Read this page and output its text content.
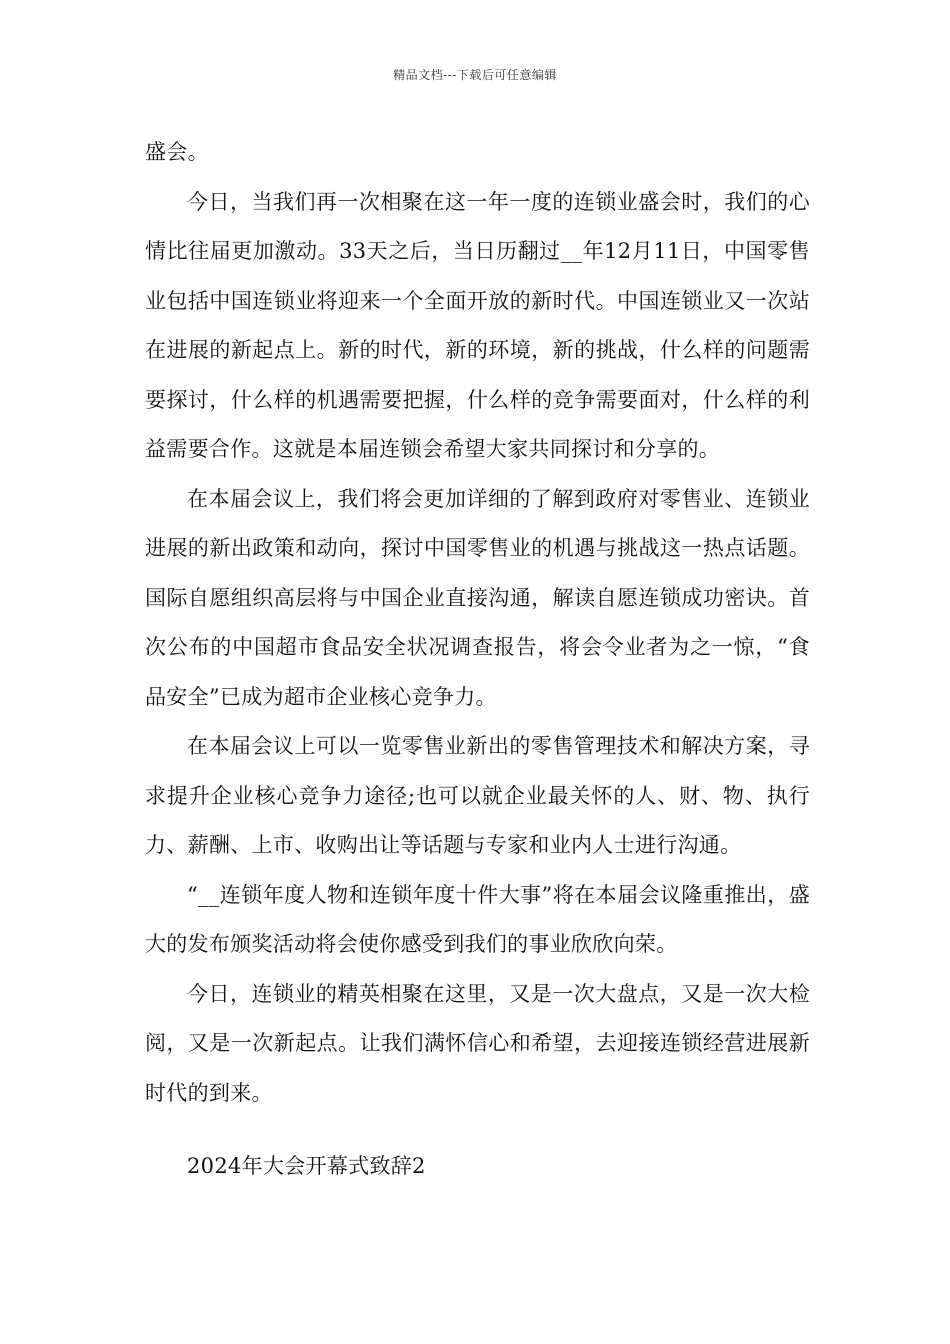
精品文档---下载后可任意编辑

盛会。

今日，当我们再一次相聚在这一年一度的连锁业盛会时，我们的心情比往届更加激动。33天之后，当日历翻过__年12月11日，中国零售业包括中国连锁业将迎来一个全面开放的新时代。中国连锁业又一次站在进展的新起点上。新的时代，新的环境，新的挑战，什么样的问题需要探讨，什么样的机遇需要把握，什么样的竞争需要面对，什么样的利益需要合作。这就是本届连锁会希望大家共同探讨和分享的。

在本届会议上，我们将会更加详细的了解到政府对零售业、连锁业进展的新出政策和动向，探讨中国零售业的机遇与挑战这一热点话题。国际自愿组织高层将与中国企业直接沟通，解读自愿连锁成功密诀。首次公布的中国超市食品安全状况调查报告，将会令业者为之一惊，“食品安全”已成为超市企业核心竞争力。

在本届会议上可以一览零售业新出的零售管理技术和解决方案，寻求提升企业核心竞争力途径;也可以就企业最关怀的人、财、物、执行力、薪酬、上市、收购出让等话题与专家和业内人士进行沟通。

“__连锁年度人物和连锁年度十件大事”将在本届会议隆重推出，盛大的发布颁奖活动将会使你感受到我们的事业欣欣向荣。

今日，连锁业的精英相聚在这里，又是一次大盘点，又是一次大检阅，又是一次新起点。让我们满怀信心和希望，去迎接连锁经营进展新时代的到来。

2024年大会开幕式致辞2
